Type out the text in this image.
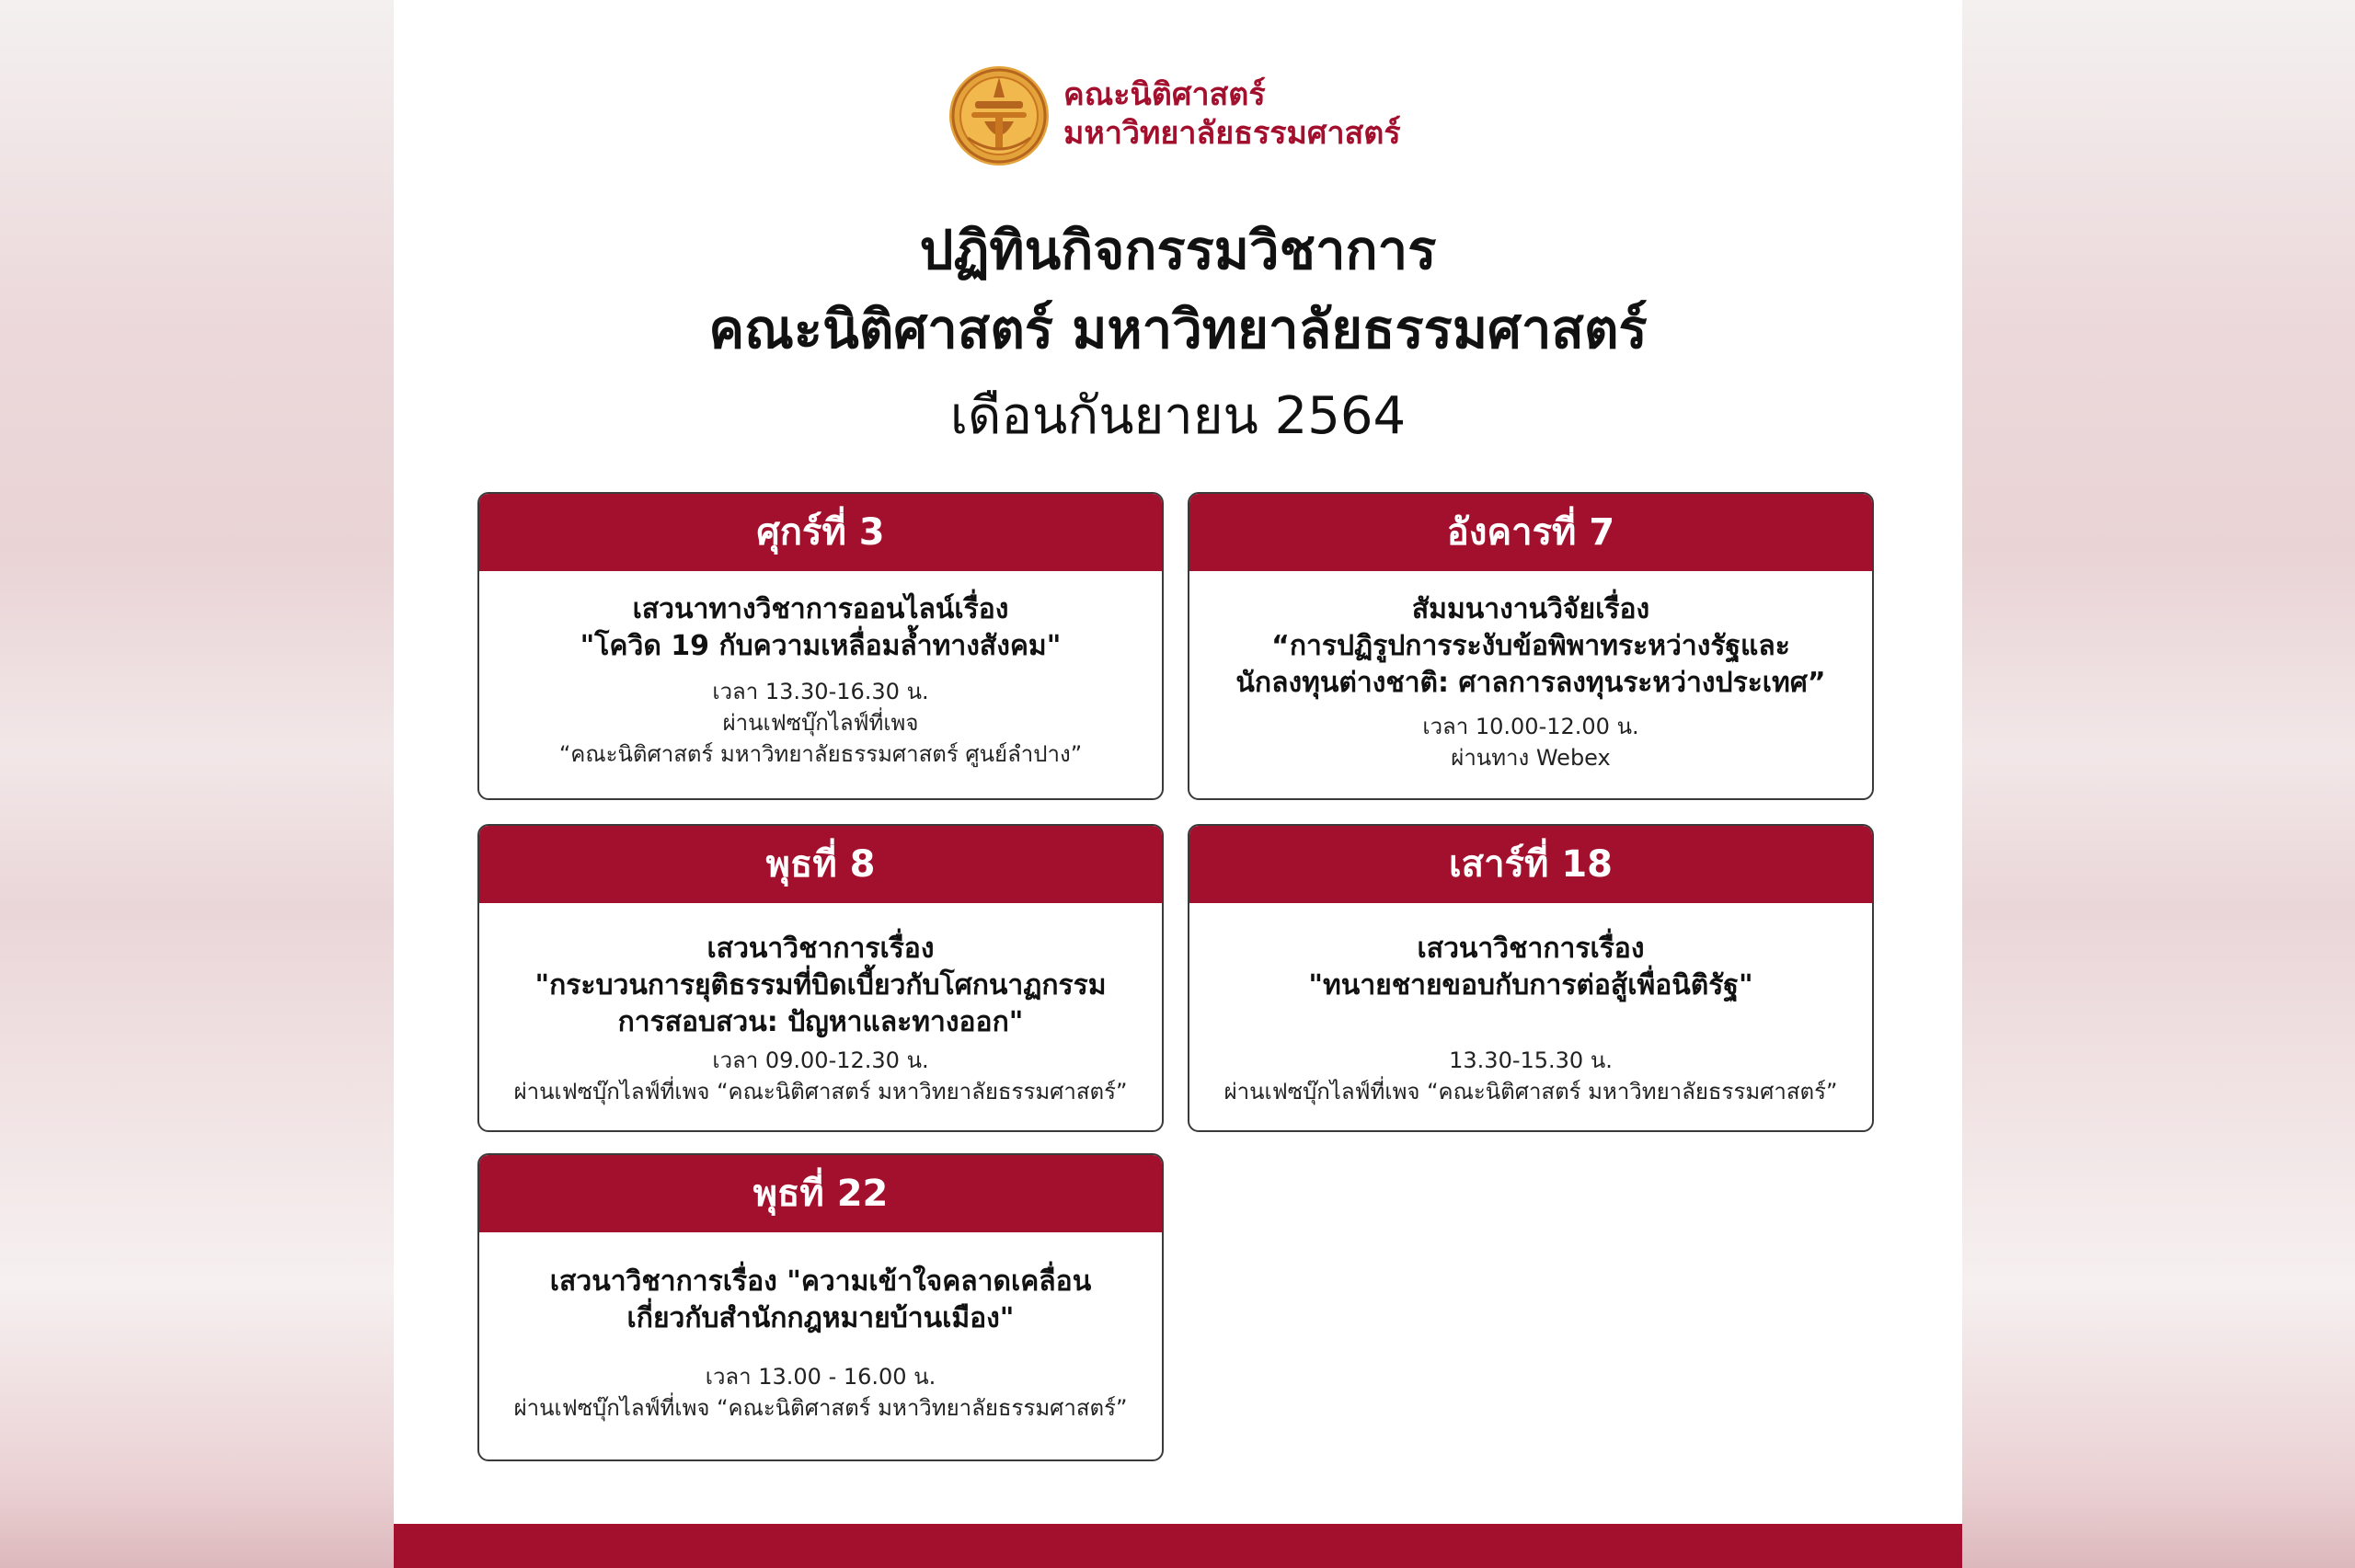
คณะนิติศาสตร์
มหาวิทยาลัยธรรมศาสตร์
ปฏิทินกิจกรรมวิชาการ
คณะนิติศาสตร์ มหาวิทยาลัยธรรมศาสตร์
เดือนกันยายน 2564
ศุกร์ที่ 3
เสวนาทางวิชาการออนไลน์เรื่อง
"โควิด 19 กับความเหลื่อมล้ำทางสังคม"
เวลา 13.30-16.30 น.
ผ่านเฟซบุ๊กไลฟ์ที่เพจ
“คณะนิติศาสตร์ มหาวิทยาลัยธรรมศาสตร์ ศูนย์ลำปาง”
อังคารที่ 7
สัมมนางานวิจัยเรื่อง
“การปฏิรูปการระงับข้อพิพาทระหว่างรัฐและ
นักลงทุนต่างชาติ: ศาลการลงทุนระหว่างประเทศ”
เวลา 10.00-12.00 น.
ผ่านทาง Webex
พุธที่ 8
เสวนาวิชาการเรื่อง
"กระบวนการยุติธรรมที่บิดเบี้ยวกับโศกนาฏกรรม
การสอบสวน: ปัญหาและทางออก"
เวลา 09.00-12.30 น.
ผ่านเฟซบุ๊กไลฟ์ที่เพจ “คณะนิติศาสตร์ มหาวิทยาลัยธรรมศาสตร์”
เสาร์ที่ 18
เสวนาวิชาการเรื่อง
"ทนายชายขอบกับการต่อสู้เพื่อนิติรัฐ"
13.30-15.30 น.
ผ่านเฟซบุ๊กไลฟ์ที่เพจ “คณะนิติศาสตร์ มหาวิทยาลัยธรรมศาสตร์”
พุธที่ 22
เสวนาวิชาการเรื่อง "ความเข้าใจคลาดเคลื่อน
เกี่ยวกับสำนักกฎหมายบ้านเมือง"
เวลา 13.00 - 16.00 น.
ผ่านเฟซบุ๊กไลฟ์ที่เพจ “คณะนิติศาสตร์ มหาวิทยาลัยธรรมศาสตร์”
